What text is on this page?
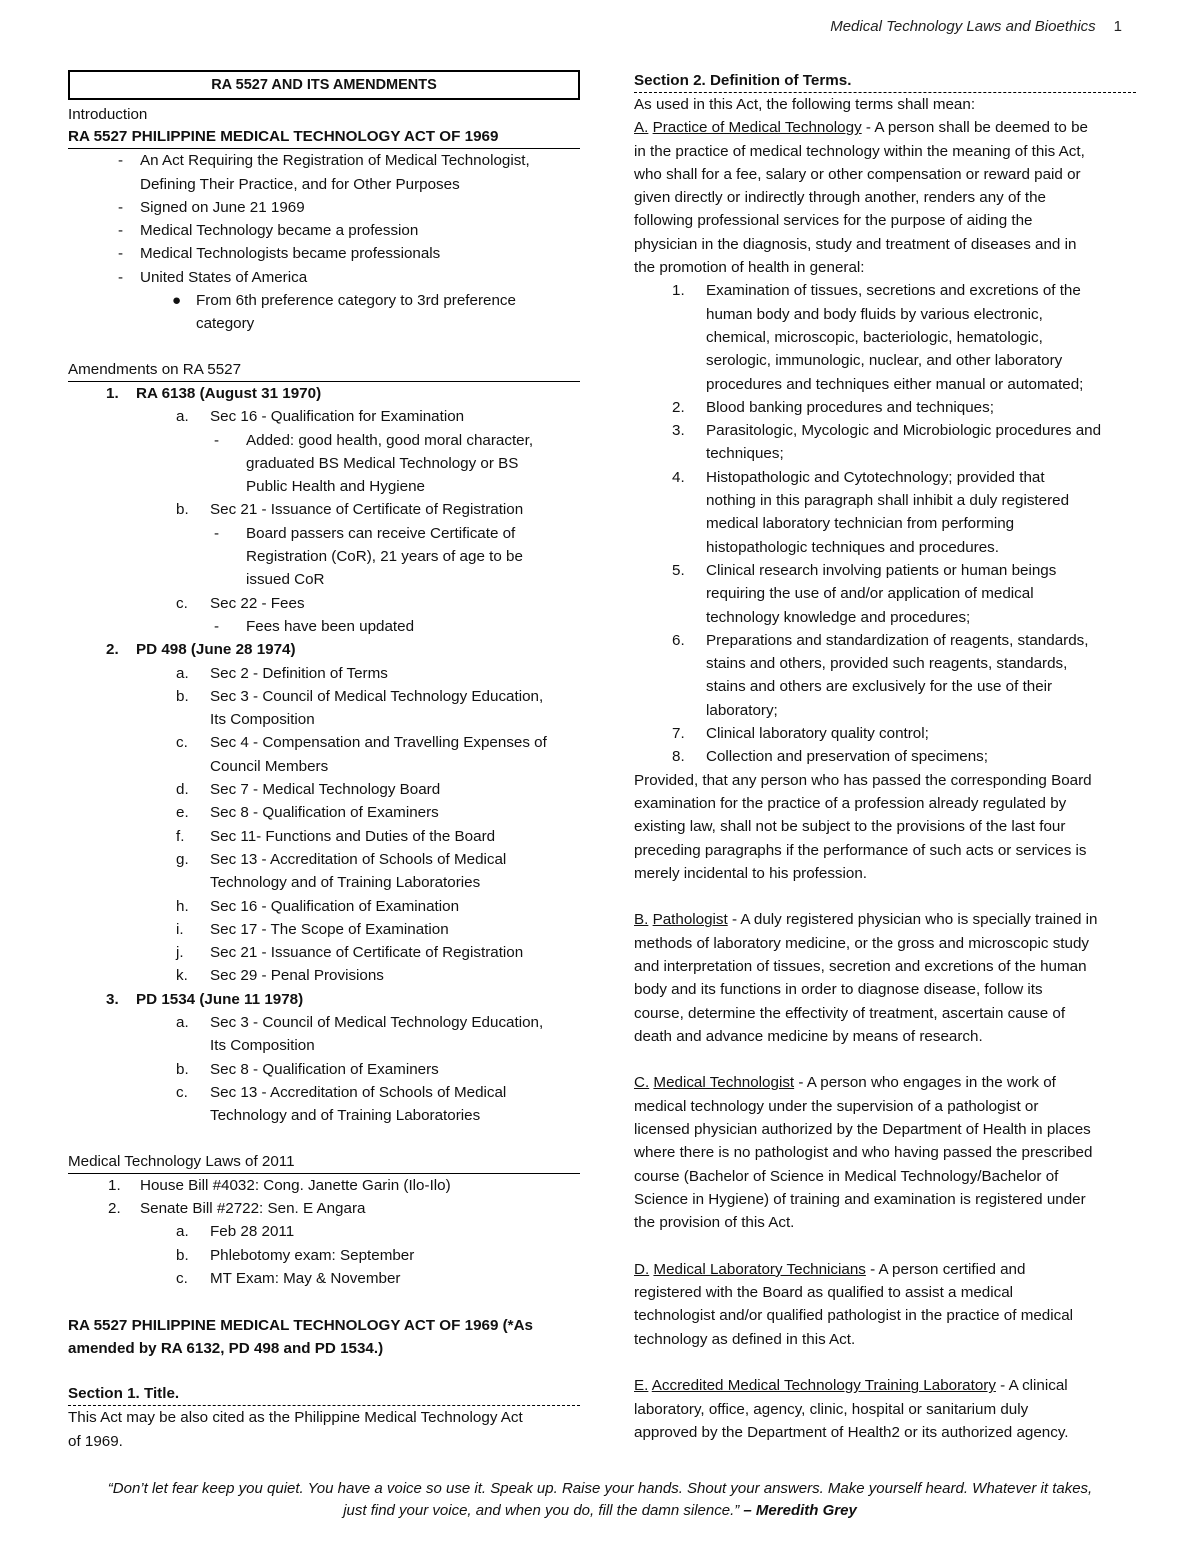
Medical Technology Laws and Bioethics 1
RA 5527 AND ITS AMENDMENTS
Introduction
RA 5527 PHILIPPINE MEDICAL TECHNOLOGY ACT OF 1969
- An Act Requiring the Registration of Medical Technologist,
Defining Their Practice, and for Other Purposes
- Signed on June 21 1969
- Medical Technology became a profession
- Medical Technologists became professionals
- United States of America
● From 6th preference category to 3rd preference
category
Amendments on RA 5527
1. RA 6138 (August 31 1970)
a. Sec 16 - Qualification for Examination
- Added: good health, good moral character,
graduated BS Medical Technology or BS
Public Health and Hygiene
b. Sec 21 - Issuance of Certificate of Registration
- Board passers can receive Certificate of
Registration (CoR), 21 years of age to be
issued CoR
c. Sec 22 - Fees
- Fees have been updated
2. PD 498 (June 28 1974)
a. Sec 2 - Definition of Terms
b. Sec 3 - Council of Medical Technology Education,
Its Composition
c. Sec 4 - Compensation and Travelling Expenses of
Council Members
d. Sec 7 - Medical Technology Board
e. Sec 8 - Qualification of Examiners
f. Sec 11- Functions and Duties of the Board
g. Sec 13 - Accreditation of Schools of Medical
Technology and of Training Laboratories
h. Sec 16 - Qualification of Examination
i. Sec 17 - The Scope of Examination
j. Sec 21 - Issuance of Certificate of Registration
k. Sec 29 - Penal Provisions
3. PD 1534 (June 11 1978)
a. Sec 3 - Council of Medical Technology Education,
Its Composition
b. Sec 8 - Qualification of Examiners
c. Sec 13 - Accreditation of Schools of Medical
Technology and of Training Laboratories
Medical Technology Laws of 2011
1. House Bill #4032: Cong. Janette Garin (Ilo-Ilo)
2. Senate Bill #2722: Sen. E Angara
a. Feb 28 2011
b. Phlebotomy exam: September
c. MT Exam: May & November
RA 5527 PHILIPPINE MEDICAL TECHNOLOGY ACT OF 1969 (*As
amended by RA 6132, PD 498 and PD 1534.)
Section 1. Title.
This Act may be also cited as the Philippine Medical Technology Act
of 1969.
Section 2. Definition of Terms.
As used in this Act, the following terms shall mean:
A. Practice of Medical Technology - A person shall be deemed to be
in the practice of medical technology within the meaning of this Act,
who shall for a fee, salary or other compensation or reward paid or
given directly or indirectly through another, renders any of the
following professional services for the purpose of aiding the
physician in the diagnosis, study and treatment of diseases and in
the promotion of health in general:
1. Examination of tissues, secretions and excretions of the
human body and body fluids by various electronic,
chemical, microscopic, bacteriologic, hematologic,
serologic, immunologic, nuclear, and other laboratory
procedures and techniques either manual or automated;
2. Blood banking procedures and techniques;
3. Parasitologic, Mycologic and Microbiologic procedures and
techniques;
4. Histopathologic and Cytotechnology; provided that
nothing in this paragraph shall inhibit a duly registered
medical laboratory technician from performing
histopathologic techniques and procedures.
5. Clinical research involving patients or human beings
requiring the use of and/or application of medical
technology knowledge and procedures;
6. Preparations and standardization of reagents, standards,
stains and others, provided such reagents, standards,
stains and others are exclusively for the use of their
laboratory;
7. Clinical laboratory quality control;
8. Collection and preservation of specimens;
Provided, that any person who has passed the corresponding Board
examination for the practice of a profession already regulated by
existing law, shall not be subject to the provisions of the last four
preceding paragraphs if the performance of such acts or services is
merely incidental to his profession.
B. Pathologist - A duly registered physician who is specially trained in
methods of laboratory medicine, or the gross and microscopic study
and interpretation of tissues, secretion and excretions of the human
body and its functions in order to diagnose disease, follow its
course, determine the effectivity of treatment, ascertain cause of
death and advance medicine by means of research.
C. Medical Technologist - A person who engages in the work of
medical technology under the supervision of a pathologist or
licensed physician authorized by the Department of Health in places
where there is no pathologist and who having passed the prescribed
course (Bachelor of Science in Medical Technology/Bachelor of
Science in Hygiene) of training and examination is registered under
the provision of this Act.
D. Medical Laboratory Technicians - A person certified and
registered with the Board as qualified to assist a medical
technologist and/or qualified pathologist in the practice of medical
technology as defined in this Act.
E. Accredited Medical Technology Training Laboratory - A clinical
laboratory, office, agency, clinic, hospital or sanitarium duly
approved by the Department of Health2 or its authorized agency.
“Don’t let fear keep you quiet. You have a voice so use it. Speak up. Raise your hands. Shout your answers. Make yourself heard. Whatever it takes,
just find your voice, and when you do, fill the damn silence.” – Meredith Grey
